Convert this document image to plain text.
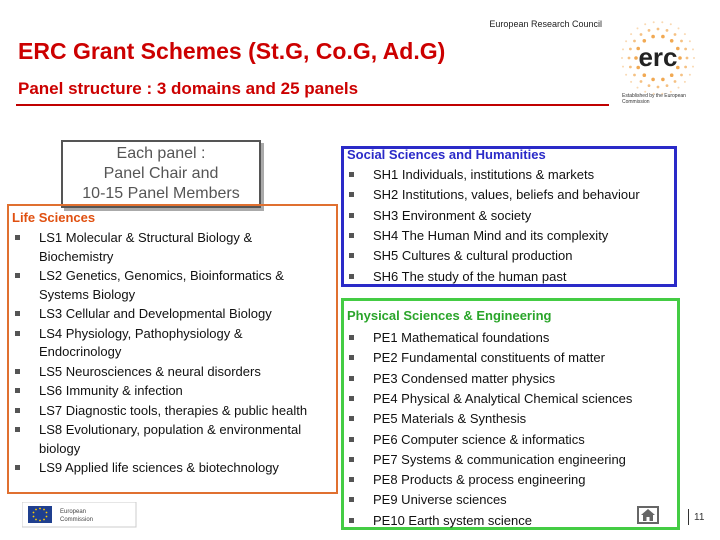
European Research Council
erc
Established by the European Commission
ERC Grant Schemes (St.G, Co.G, Ad.G)
Panel structure : 3 domains and 25 panels
Each panel :
Panel Chair and
10-15 Panel Members
Life Sciences
LS1 Molecular & Structural Biology &
Biochemistry
LS2 Genetics, Genomics, Bioinformatics &
Systems Biology
LS3 Cellular and Developmental Biology
LS4 Physiology, Pathophysiology &
Endocrinology
LS5 Neurosciences & neural disorders
LS6 Immunity & infection
LS7 Diagnostic tools, therapies & public health
LS8 Evolutionary, population & environmental
biology
LS9 Applied life sciences & biotechnology
Social Sciences and Humanities
SH1 Individuals, institutions & markets
SH2 Institutions, values, beliefs and behaviour
SH3 Environment & society
SH4 The Human Mind and its complexity
SH5 Cultures & cultural production
SH6 The study of the human past
Physical Sciences & Engineering
PE1 Mathematical foundations
PE2 Fundamental constituents of matter
PE3 Condensed matter physics
PE4 Physical & Analytical Chemical sciences
PE5 Materials & Synthesis
PE6 Computer science & informatics
PE7 Systems & communication engineering
PE8 Products & process engineering
PE9 Universe sciences
PE10 Earth system science
European
Commission	11
